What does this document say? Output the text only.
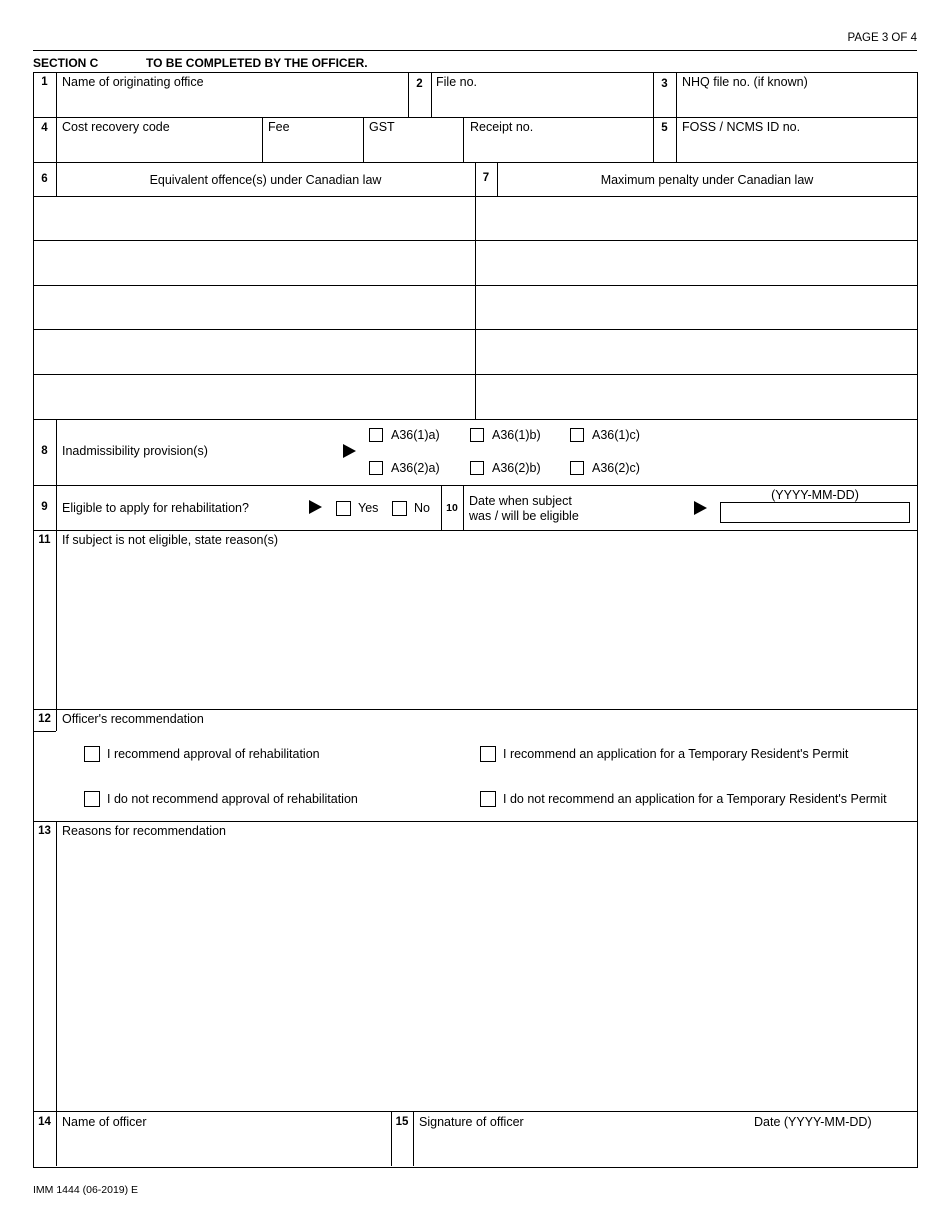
PAGE 3 OF 4
SECTION C	TO BE COMPLETED BY THE OFFICER.
1	Name of originating office	2	File no.	3	NHQ file no. (if known)
4	Cost recovery code	Fee	GST	Receipt no.	5	FOSS / NCMS ID no.
6	Equivalent offence(s) under Canadian law	7	Maximum penalty under Canadian law
8	Inadmissibility provision(s)
A36(1)a)	A36(1)b)	A36(1)c)
A36(2)a)	A36(2)b)	A36(2)c)
9	Eligible to apply for rehabilitation?	Yes	No	10 Date when subject
was / will be eligible
(YYYY-MM-DD)
11 If subject is not eligible, state reason(s)
12 Officer's recommendation
I recommend approval of rehabilitation	I recommend an application for a Temporary Resident's Permit
I do not recommend approval of rehabilitation	I do not recommend an application for a Temporary Resident's Permit
13 Reasons for recommendation
14 Name of officer	15 Signature of officer	Date (YYYY-MM-DD)
IMM 1444 (06-2019) E
